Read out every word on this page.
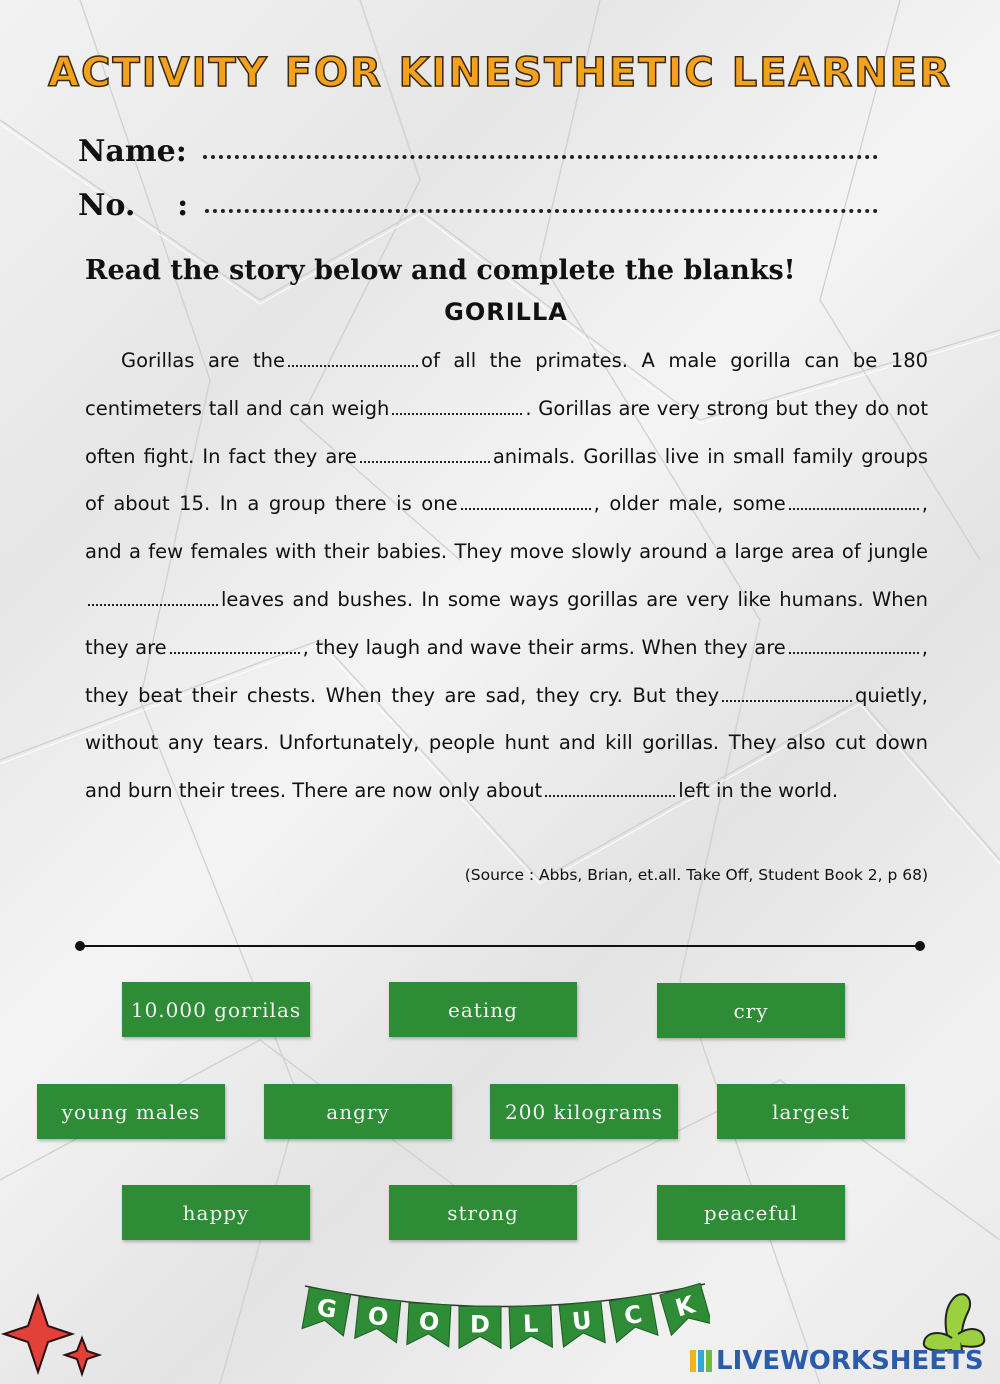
ACTIVITY FOR KINESTHETIC LEARNER
Name:
No.    :
Read the story below and complete the blanks!
GORILLA

Gorillas are the	of all the primates. A male gorilla can be 180 centimeters tall and can weigh	. Gorillas are very strong but they do not often fight. In fact they are	animals. Gorillas live in small family groups of about 15. In a group there is one	, older male, some	, and a few females with their babies. They move slowly around a large area of jungleleaves and bushes. In some ways gorillas are very like humans. When they are	, they laugh and wave their arms. When they are	, they beat their chests. When they are sad, they cry. But they	quietly, without any tears. Unfortunately, people hunt and kill gorillas. They also cut down and burn their trees. There are now only about	left in the world.

(Source : Abbs, Brian, et.all. Take Off, Student Book 2, p 68)
10.000 gorrilas	eating	cry
young males	angry	200 kilograms	largest
happy	strong	peaceful
G O O D L U C K
LIVEWORKSHEETS
